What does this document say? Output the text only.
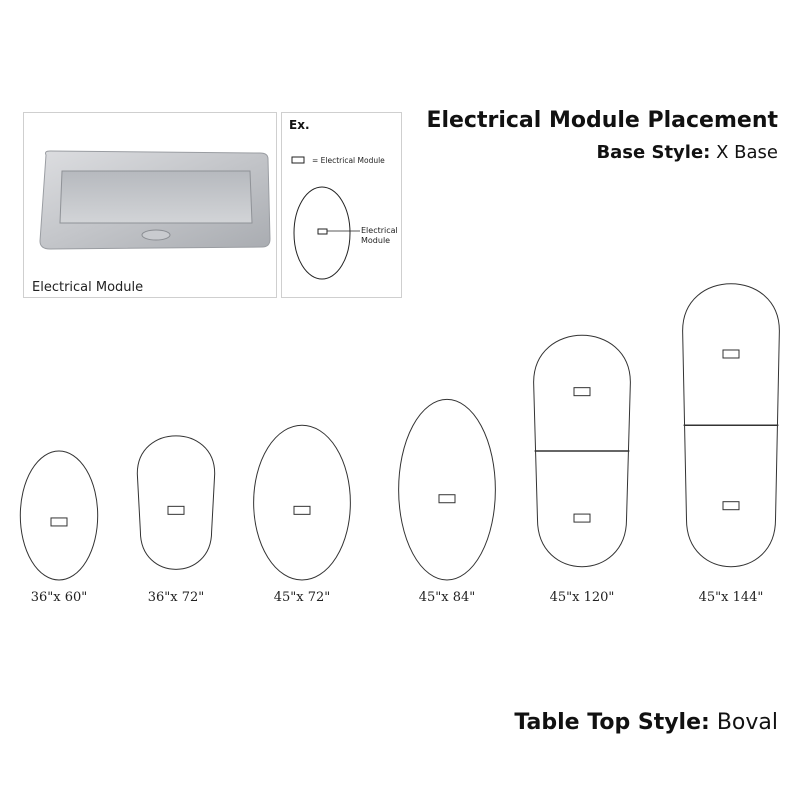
Electrical Module
Ex.
= Electrical Module
Electrical
Module
Electrical Module Placement
Base Style: X Base
36"x 60"	36"x 72"	45"x 72"	45"x 84"	45"x 120"	45"x 144"
Table Top Style: Boval
